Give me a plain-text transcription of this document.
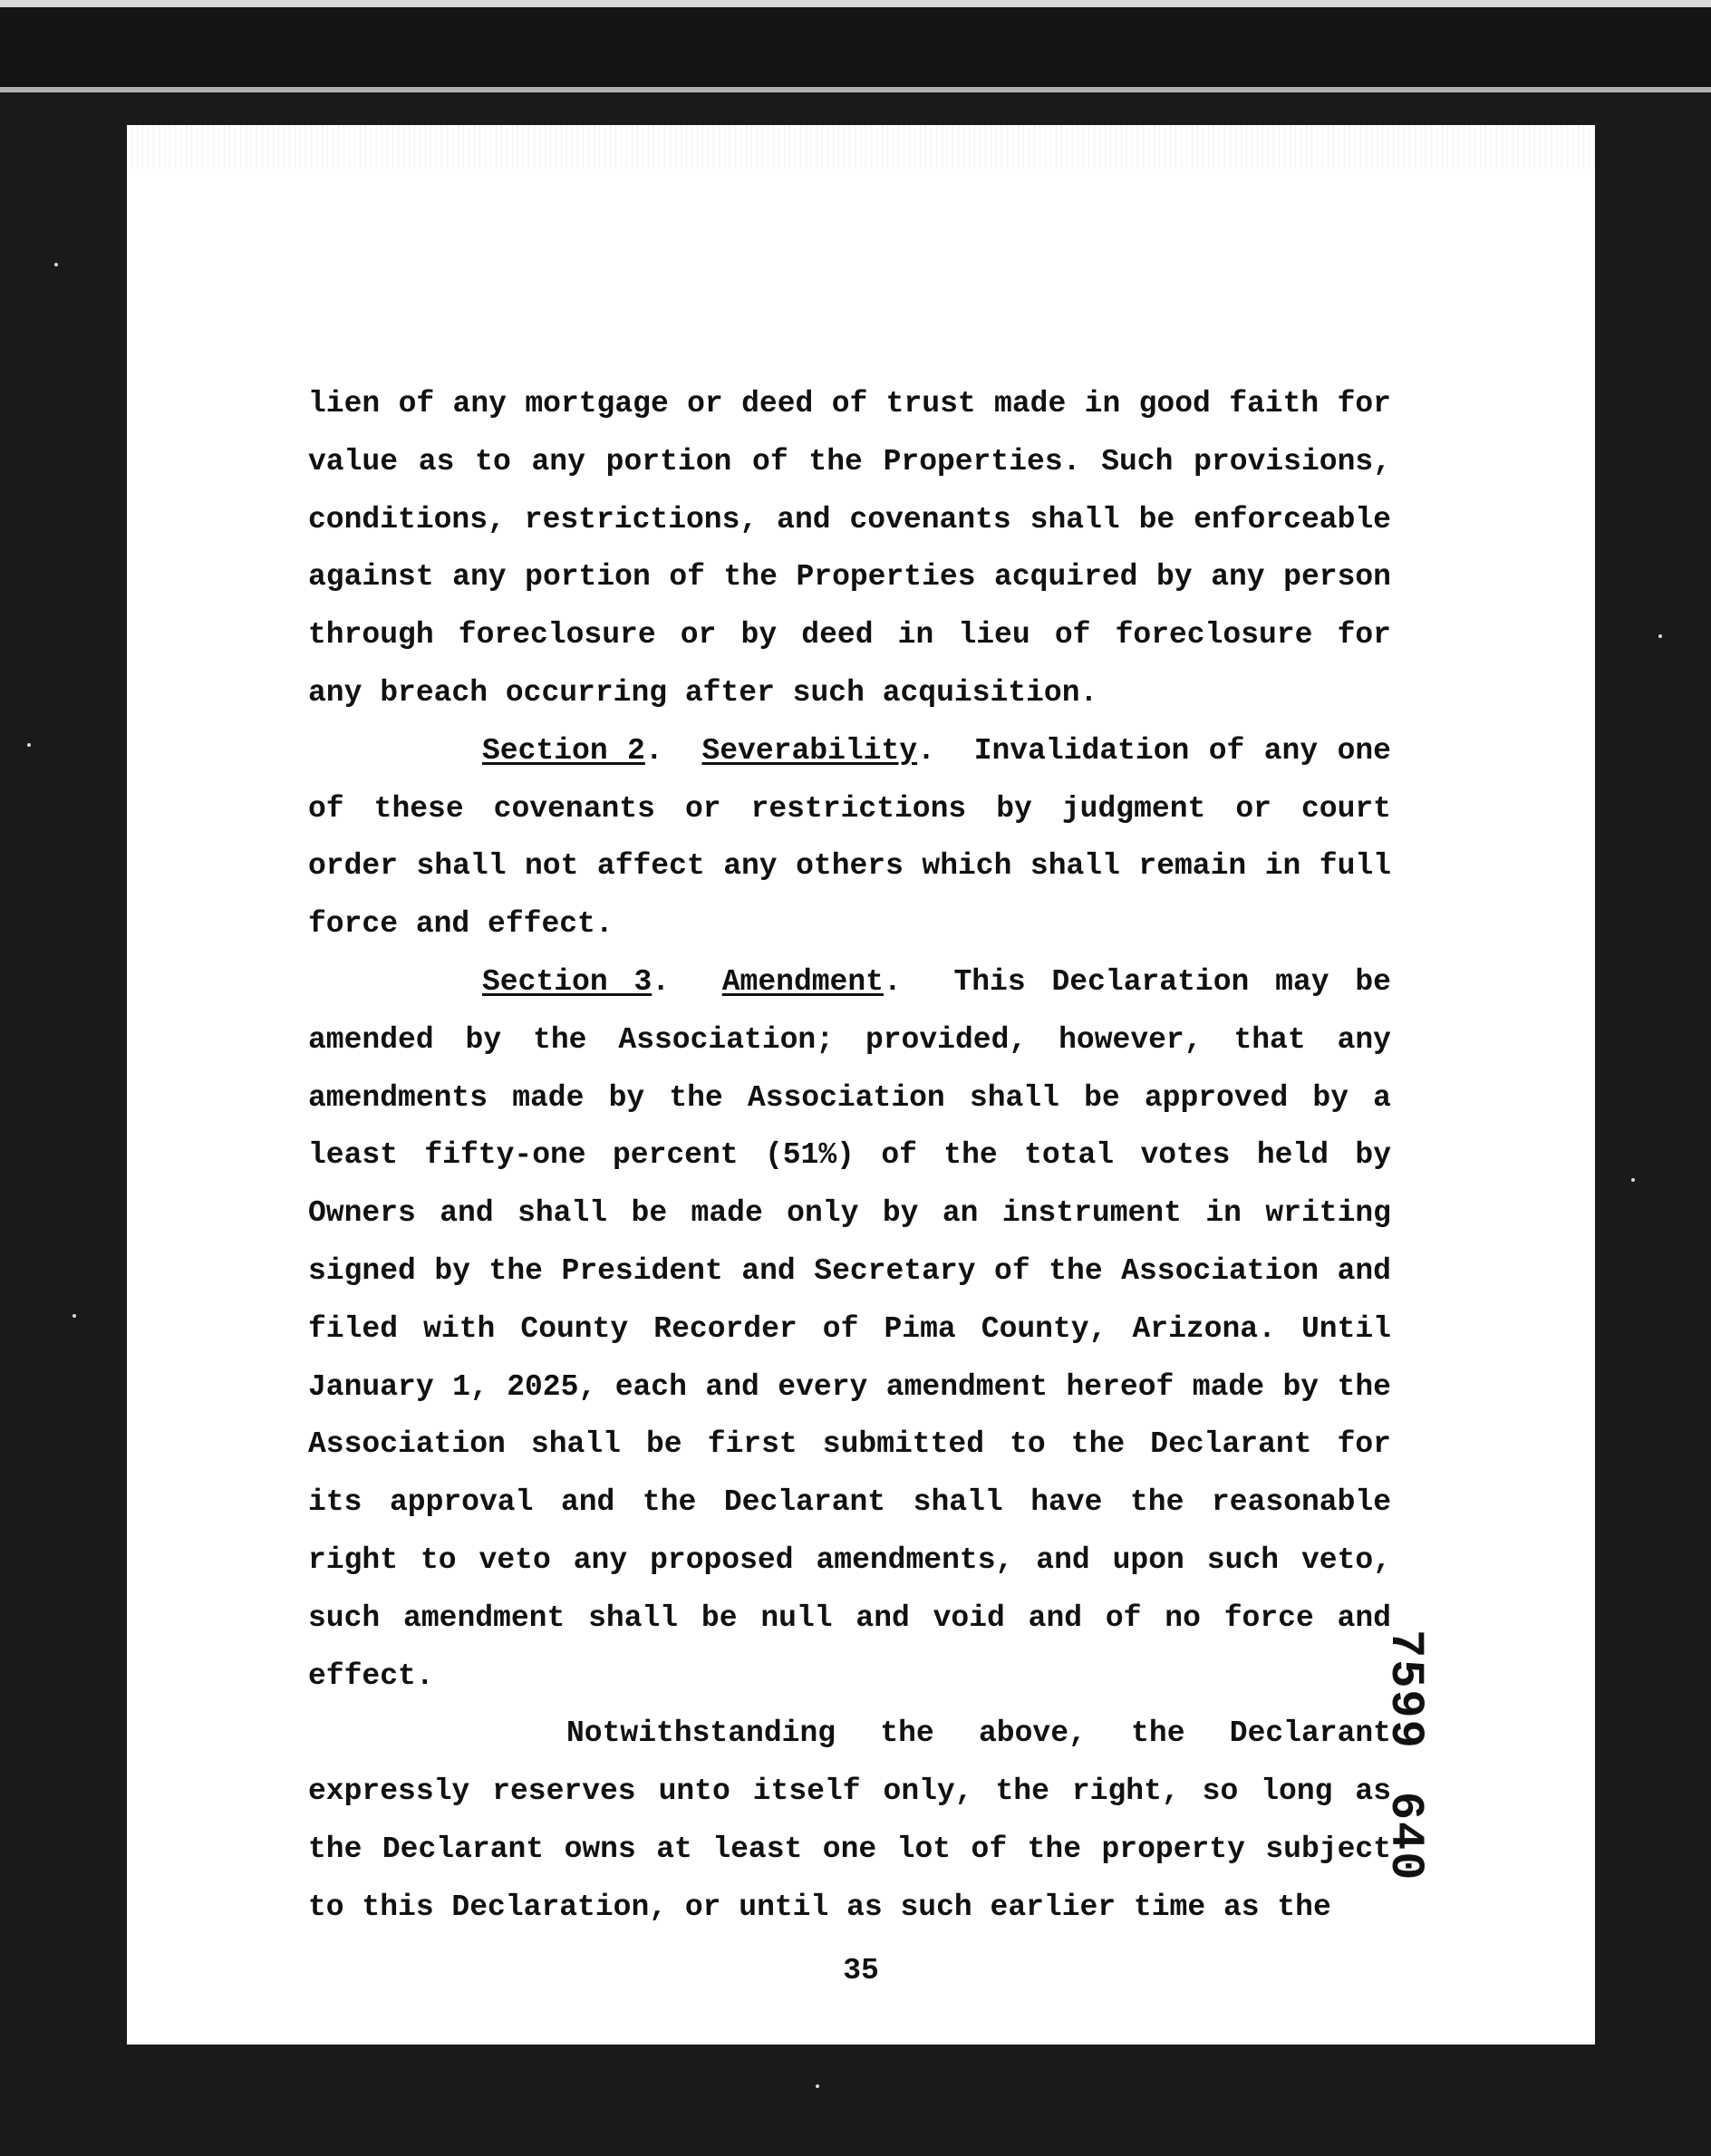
lien of any mortgage or deed of trust made in good faith for value as to any portion of the Properties. Such provisions, conditions, restrictions, and covenants shall be enforceable against any portion of the Properties acquired by any person through foreclosure or by deed in lieu of foreclosure for any breach occurring after such acquisition.

Section 2.  Severability.  Invalidation of any one of these covenants or restrictions by judgment or court order shall not affect any others which shall remain in full force and effect.

Section 3.  Amendment.  This Declaration may be amended by the Association; provided, however, that any amendments made by the Association shall be approved by a least fifty-one percent (51%) of the total votes held by Owners and shall be made only by an instrument in writing signed by the President and Secretary of the Association and filed with County Recorder of Pima County, Arizona. Until January 1, 2025, each and every amendment hereof made by the Association shall be first submitted to the Declarant for its approval and the Declarant shall have the reasonable right to veto any proposed amendments, and upon such veto, such amendment shall be null and void and of no force and effect.

Notwithstanding the above, the Declarant expressly reserves unto itself only, the right, so long as the Declarant owns at least one lot of the property subject to this Declaration, or until as such earlier time as the

35
7599640
